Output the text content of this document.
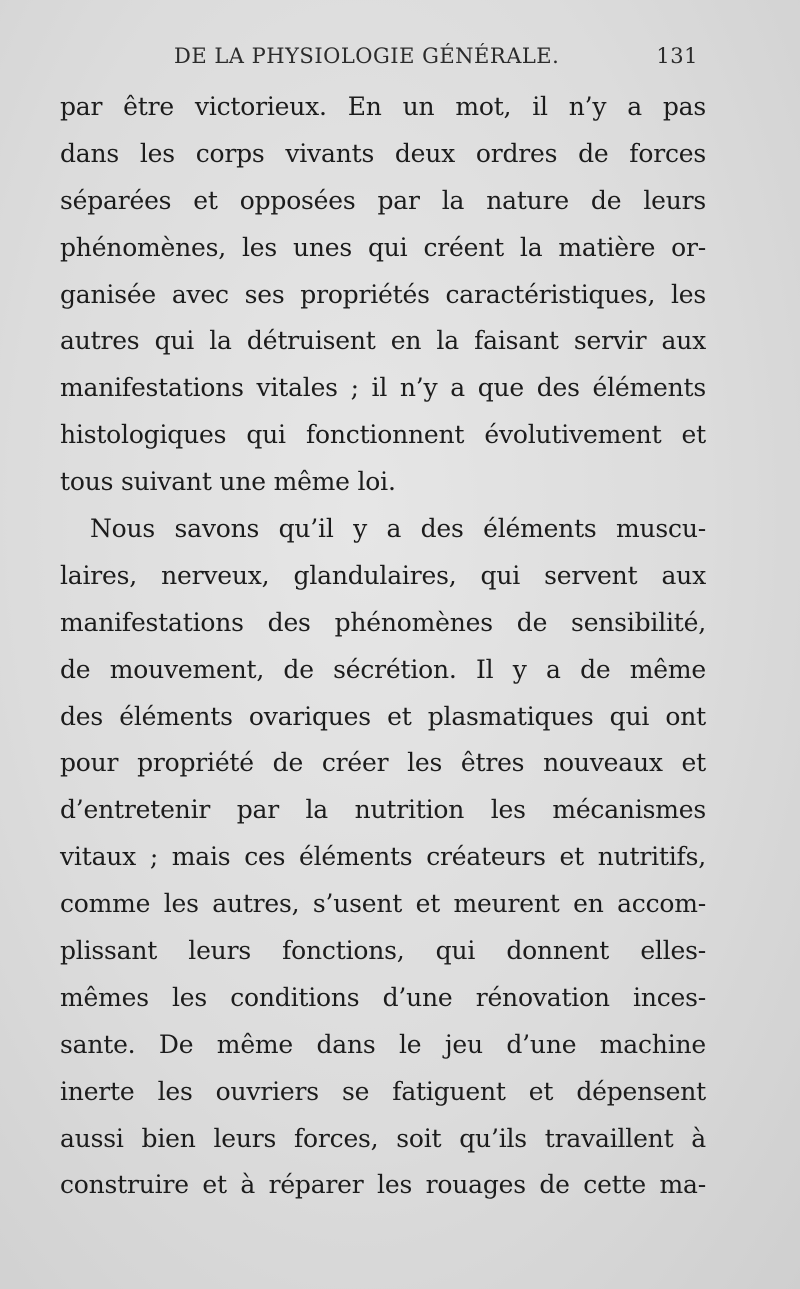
DE LA PHYSIOLOGIE GÉNÉRALE.	131
par être victorieux. En un mot, il n’y a pas
dans les corps vivants deux ordres de forces
séparées et opposées par la nature de leurs
phénomènes, les unes qui créent la matière or-
ganisée avec ses propriétés caractéristiques, les
autres qui la détruisent en la faisant servir aux
manifestations vitales ; il n’y a que des éléments
histologiques qui fonctionnent évolutivement et
tous suivant une même loi.
Nous savons qu’il y a des éléments muscu-
laires, nerveux, glandulaires, qui servent aux
manifestations des phénomènes de sensibilité,
de mouvement, de sécrétion. Il y a de même
des éléments ovariques et plasmatiques qui ont
pour propriété de créer les êtres nouveaux et
d’entretenir par la nutrition les mécanismes
vitaux ; mais ces éléments créateurs et nutritifs,
comme les autres, s’usent et meurent en accom-
plissant leurs fonctions, qui donnent elles-
mêmes les conditions d’une rénovation inces-
sante. De même dans le jeu d’une machine
inerte les ouvriers se fatiguent et dépensent
aussi bien leurs forces, soit qu’ils travaillent à
construire et à réparer les rouages de cette ma-
